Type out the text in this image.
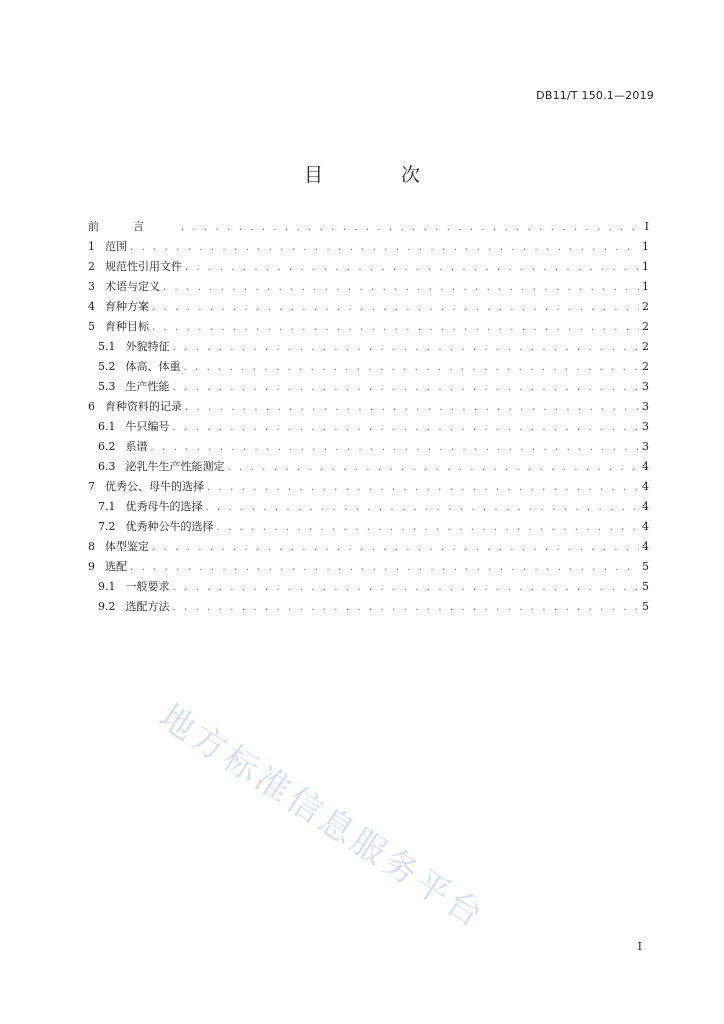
DB11/T 150.1—2019
目 次
前言 . . .	I
1 范围 . . .	1
2 规范性引用文件 . . .	1
3 术语与定义 . . .	1
4 育种方案 . . .	2
5 育种目标 . . .	2
5.1 外貌特征 . . .	2
5.2 体高、体重 . . .	2
5.3 生产性能 . . .	3
6 育种资料的记录 . . .	3
6.1 牛只编号 . . .	3
6.2 系谱 . . .	3
6.3 泌乳牛生产性能测定 . . .	4
7 优秀公、母牛的选择 . . .	4
7.1 优秀母牛的选择 . . .	4
7.2 优秀种公牛的选择 . . .	4
8 体型鉴定 . . .	4
9 选配 . . .	5
9.1 一般要求 . . .	5
9.2 选配方法 . . .	5
地方标准信息服务平台
I
